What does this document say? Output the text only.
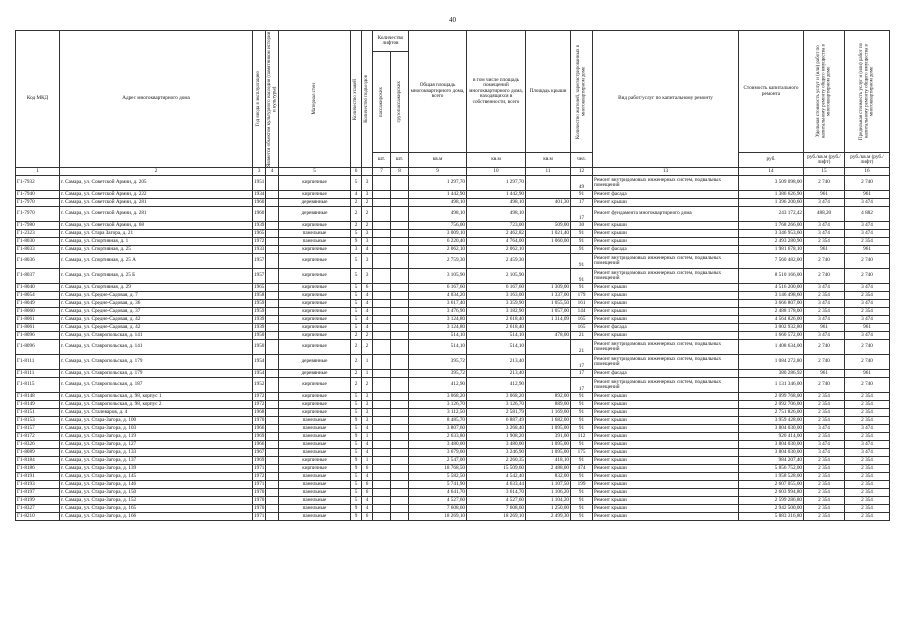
40
Код МКД	Адрес многоквартирного дома	Год ввода в эксплуатацию	Является объектом культурного наследия (памятником истории и культуры)	Материал стен	Количество этажей	Количество подъездов	Количество лифтов		Общая площадь многоквартирного дома, всего	в том числе площадь помещений многоквартирного дома, находящихся в собственности, всего	Площадь крыши	Количество жителей, зарегистрированных в многоквартирном доме	Вид работ/услуг по капитальному ремонту	Стоимость капитального ремонта	Удельная стоимость услуг и (или) работ по капитальному ремонту общего имущества в многоквартирном доме	Предельная стоимость услуг и (или) работ по капитальному ремонту общего имущества в многоквартирном доме

							пассажирских	грузопассажирских								

							шт.	шт.	кв.м	кв.м	кв.м	чел.		руб.	руб./кв.м (руб./лифт)	руб./кв.м (руб./лифт)
1	2	3	4	5	6		7	8	9	10	11	12	13	14	15	16
Г1-7932	г. Самара, ул. Советской Армии, д. 205	1951		кирпичные	5	3			1 297,70	1 297,70		49	Ремонт внутридомовых инженерных систем, подвальных помещений	3 509 098,00	2 740	2 740
Г1-7940	г. Самара, ул. Советской Армии, д. 222	1934		кирпичные	4	3			1 442,90	1 442,90		91	Ремонт фасада	1 386 626,90	961	961
Г1-7970	г. Самара, ул. Советской Армии, д. 281	1960		деревянные	2	2			498,10	498,10	401,30	17	Ремонт крыши	1 396 200,60	3 474	3 474
Г1-7970	г. Самара, ул. Советской Армии, д. 281	1960		деревянные	2	2			498,10	498,10		17	Ремонт фундамента многоквартирного дома	243 172,42	488,20	4 882
Г1-7980	г. Самара, ул. Советской Армии, д. 68	1939		кирпичные	2	2			756,00	723,00	509,00	30	Ремонт крыши	1 768 266,00	3 474	3 474
Г1-2323	г. Самара, ул. Стара Загора, д. 21	1965		панельные	5	3			3 009,10	2 462,82	1 021,40	91	Ремонт крыши	3 346 953,60	3 474	3 474
Г1-8030	г. Самара, ул. Спортивная, д. 1	1972		панельные	9	3			6 220,40	4 764,00	1 060,00	91	Ремонт крыши	2 493 280,90	2 354	2 354
Г1-8033	г. Самара, ул. Спортивная, д. 25	1933		кирпичные	3	4			2 062,10	2 062,10		91	Ремонт фасада	1 981 678,10	961	961
Г1-8036	г. Самара, ул. Спортивная, д. 25 А	1957		кирпичные	5	3			2 759,30	2 459,30		91	Ремонт внутридомовых инженерных систем, подвальных помещений	7 560 482,00	2 740	2 740
Г1-8037	г. Самара, ул. Спортивная, д. 25 Б	1957		кирпичные	5	3			3 105,90	2 105,90		91	Ремонт внутридомовых инженерных систем, подвальных помещений	8 510 166,00	2 740	2 740
Г1-8040	г. Самара, ул. Спортивная, д. 29	1965		кирпичные	5	6			6 167,60	6 167,60	1 309,00	91	Ремонт крыши	4 516 200,00	3 474	3 474
Г1-8054	г. Самара, ул. Средне-Садовая, д. 7	1958		кирпичные	5	4			4 034,20	3 163,00	1 337,00	179	Ремонт крыши	3 146 498,60	2 354	2 354
Г1-8049	г. Самара, ул. Средне-Садовая, д. 36	1959		кирпичные	5	4			3 617,40	3 359,90	1 055,50	161	Ремонт крыши	3 666 807,00	3 474	3 474
Г1-8060	г. Самара, ул. Средне-Садовая, д. 37	1959		кирпичные	5	4			3 476,90	3 182,90	1 057,00	144	Ремонт крыши	2 488 178,00	2 354	2 354
Г1-8061	г. Самара, ул. Средне-Садовая, д. 42	1939		кирпичные	5	4			3 124,80	2 618,40	1 314,09	165	Ремонт крыши	4 564 826,00	3 474	3 474
Г1-8061	г. Самара, ул. Средне-Садовая, д. 42	1939		кирпичные	5	4			3 124,80	2 618,40		165	Ремонт фасада	3 002 932,80	961	961
Г1-8096	г. Самара, ул. Ставропольская, д. 141	1950		кирпичные	2	2			514,10	514,10	478,00	21	Ремонт крыши	1 660 572,00	3 474	3 474
Г1-8096	г. Самара, ул. Ставропольская, д. 141	1950		кирпичные	2	2			514,10	514,10		21	Ремонт внутридомовых инженерных систем, подвальных помещений	1 408 634,00	2 740	2 740
Г1-8111	г. Самара, ул. Ставропольская, д. 179	1954		деревянные	2	1			395,72	213,40		17	Ремонт внутридомовых инженерных систем, подвальных помещений	1 084 272,80	2 740	2 740
Г1-8111	г. Самара, ул. Ставропольская, д. 179	1954		деревянные	2	1			395,72	213,40		17	Ремонт фасада	380 286,92	961	961
Г1-8115	г. Самара, ул. Ставропольская, д. 187	1952		кирпичные	2	2			412,90	412,90		17	Ремонт внутридомовых инженерных систем, подвальных помещений	1 131 346,00	2 740	2 740
Г1-8148	г. Самара, ул. Ставропольская, д. 98, корпус 1	1972		кирпичные	5	3			3 068,20	3 068,20	892,00	91	Ремонт крыши	2 099 768,00	2 354	2 354
Г1-8149	г. Самара, ул. Ставропольская, д. 98, корпус 2	1972		кирпичные	5	3			3 126,70	3 126,70	889,00	91	Ремонт крыши	2 092 706,00	2 354	2 354
Г1-8151	г. Самара, ул. Сталеваров, д. 4	1968		кирпичные	5	3			3 112,50	2 581,79	1 169,00	91	Ремонт крыши	2 751 826,00	2 354	2 354
Г1-8153	г. Самара, ул. Стара-Загора, д. 100	1970		панельные	9	3			8 485,70	6 887,49	1 682,00	91	Ремонт крыши	3 959 428,00	2 354	2 354
Г1-8157	г. Самара, ул. Стара-Загора, д. 103	1966		панельные	5	4			3 807,60	3 268,40	1 095,00	91	Ремонт крыши	3 804 030,00	3 474	3 474
Г1-8172	г. Самара, ул. Стара-Загора, д. 119	1969		панельные	9	1			2 633,80	1 908,20	391,00	112	Ремонт крыши	920 414,00	2 354	2 354
Г1-8326	г. Самара, ул. Стара-Загора, д. 127	1966		панельные	5	4			3 480,00	3 480,00	1 095,00	91	Ремонт крыши	3 804 030,00	3 474	3 474
Г1-8089	г. Самара, ул. Стара-Загора, д. 133	1967		панельные	5	4			3 679,00	3 246,90	1 095,00	175	Ремонт крыши	3 804 030,00	3 474	3 474
Г1-8184	г. Самара, ул. Стара-Загора, д. 137	1969		кирпичные	9	1			2 547,00	2 260,35	418,10	91	Ремонт крыши	984 207,40	2 354	2 354
Г1-8186	г. Самара, ул. Стара-Загора, д. 139	1971		кирпичные	9	6			18 768,50	15 509,60	2 488,00	474	Ремонт крыши	5 856 752,00	2 354	2 354
Г1-8191	г. Самара, ул. Стара-Загора, д. 145	1972		панельные	5	4			5 582,50	4 542,40	832,00	91	Ремонт крыши	1 958 528,00	2 354	2 354
Г1-8193	г. Самара, ул. Стара-Загора, д. 146	1971		панельные	5	6			5 741,90	4 633,44	1 107,50	199	Ремонт крыши	2 607 055,00	2 354	2 354
Г1-8197	г. Самара, ул. Стара-Загора, д. 150	1970		панельные	5	6			4 641,70	3 614,70	1 106,20	91	Ремонт крыши	2 603 994,80	2 354	2 354
Г1-8199	г. Самара, ул. Стара-Загора, д. 152	1970		панельные	5	4			4 527,60	4 527,60	1 104,20	91	Ремонт крыши	2 599 286,80	2 354	2 354
Г1-8327	г. Самара, ул. Стара-Загора, д. 165	1970		панельные	9	4			7 608,60	7 608,60	1 250,00	91	Ремонт крыши	2 942 500,00	2 354	2 354
Г1-8210	г. Самара, ул. Стара-Загора, д. 166	1971		панельные	9	6			18 269,10	18 269,10	2 499,30	91	Ремонт крыши	5 883 316,80	2 354	2 354
